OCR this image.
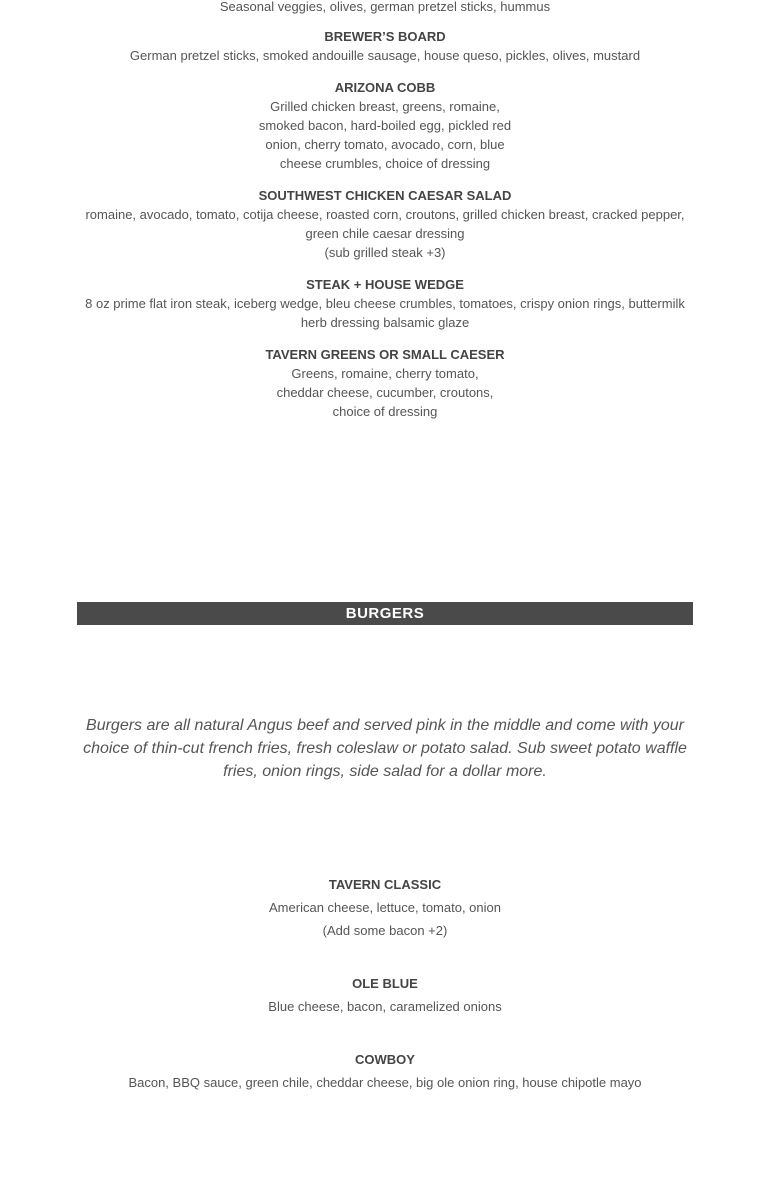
Seasonal veggies, olives, german pretzel sticks, hummus
BREWER’S BOARD
German pretzel sticks, smoked andouille sausage, house queso, pickles, olives, mustard
ARIZONA COBB
Grilled chicken breast, greens, romaine,
smoked bacon, hard-boiled egg, pickled red
onion, cherry tomato, avocado, corn, blue
cheese crumbles, choice of dressing
SOUTHWEST CHICKEN CAESAR SALAD
romaine, avocado, tomato, cotija cheese, roasted corn, croutons, grilled chicken breast, cracked pepper,
green chile caesar dressing
(sub grilled steak +3)
STEAK + HOUSE WEDGE
8 oz prime flat iron steak, iceberg wedge, bleu cheese crumbles, tomatoes, crispy onion rings, buttermilk
herb dressing balsamic glaze
TAVERN GREENS OR SMALL CAESER
Greens, romaine, cherry tomato,
cheddar cheese, cucumber, croutons,
choice of dressing
BURGERS
Burgers are all natural Angus beef and served pink in the middle and come with your
choice of thin-cut french fries, fresh coleslaw or potato salad. Sub sweet potato waffle
fries, onion rings, side salad for a dollar more.
TAVERN CLASSIC
American cheese, lettuce, tomato, onion
(Add some bacon +2)
OLE BLUE
Blue cheese, bacon, caramelized onions
COWBOY
Bacon, BBQ sauce, green chile, cheddar cheese, big ole onion ring, house chipotle mayo
